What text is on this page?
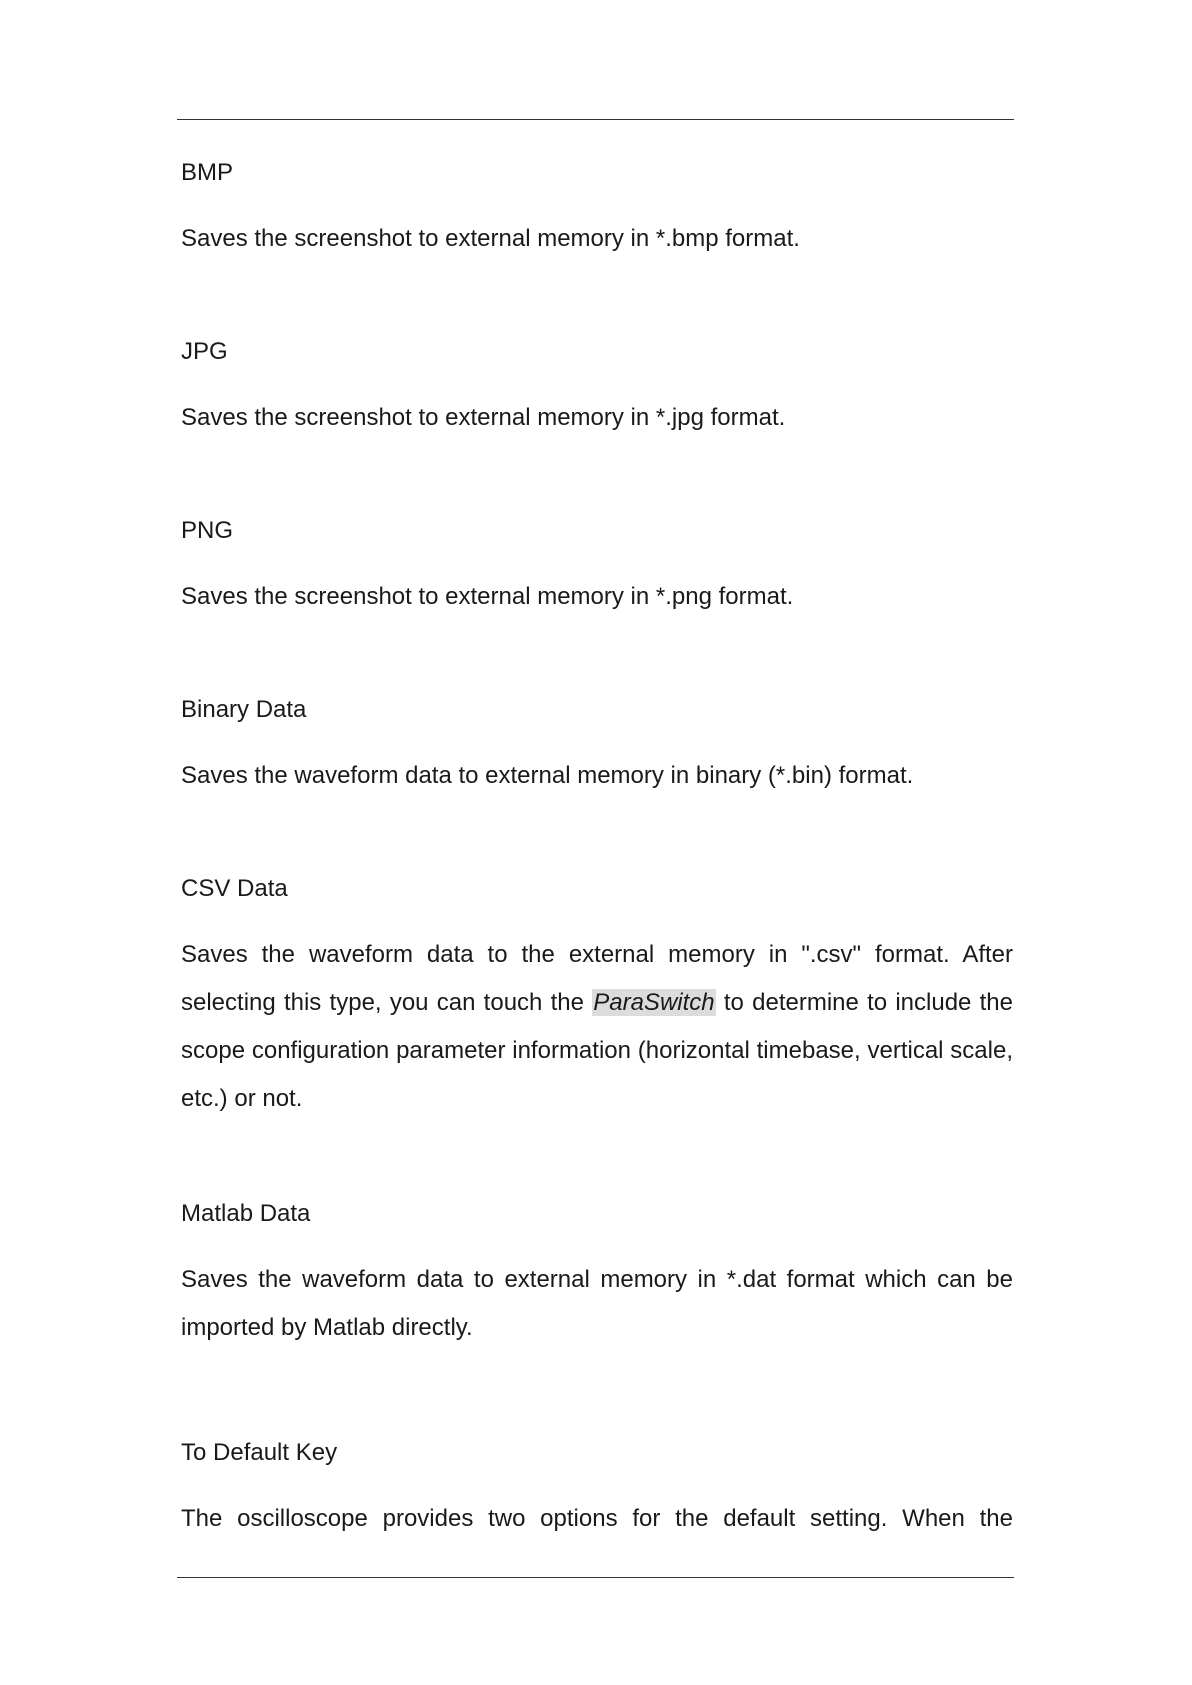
BMP

Saves the screenshot to external memory in *.bmp format.

JPG

Saves the screenshot to external memory in *.jpg format.

PNG

Saves the screenshot to external memory in *.png format.

Binary Data

Saves the waveform data to external memory in binary (*.bin) format.

CSV Data

Saves the waveform data to the external memory in ".csv" format. After selecting this type, you can touch the ParaSwitch to determine to include the scope configuration parameter information (horizontal timebase, vertical scale, etc.) or not.

Matlab Data

Saves the waveform data to external memory in *.dat format which can be imported by Matlab directly.

To Default Key

The oscilloscope provides two options for the default setting. When the
